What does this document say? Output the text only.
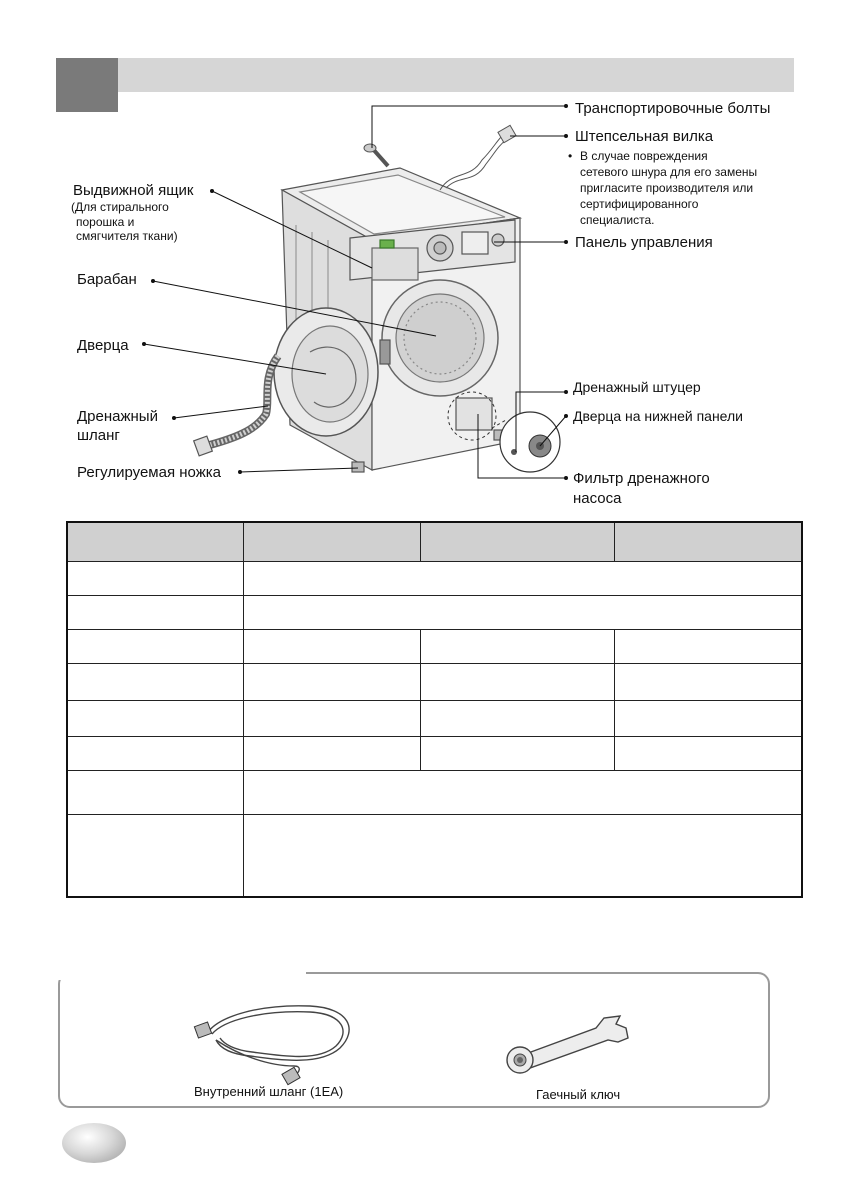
Транспортировочные болты
Штепсельная вилка
• В случае повреждения
сетевого шнура для его замены
пригласите производителя или
сертифицированного
специалиста.
Панель управления
Дренажный штуцер
Дверца на нижней панели
Фильтр дренажного
насоса
Выдвижной ящик
(Для стирального
порошка и
смягчителя ткани)
Барабан
Дверца
Дренажный
шланг
Регулируемая ножка

Внутренний шланг (1EA)	Гаечный ключ
